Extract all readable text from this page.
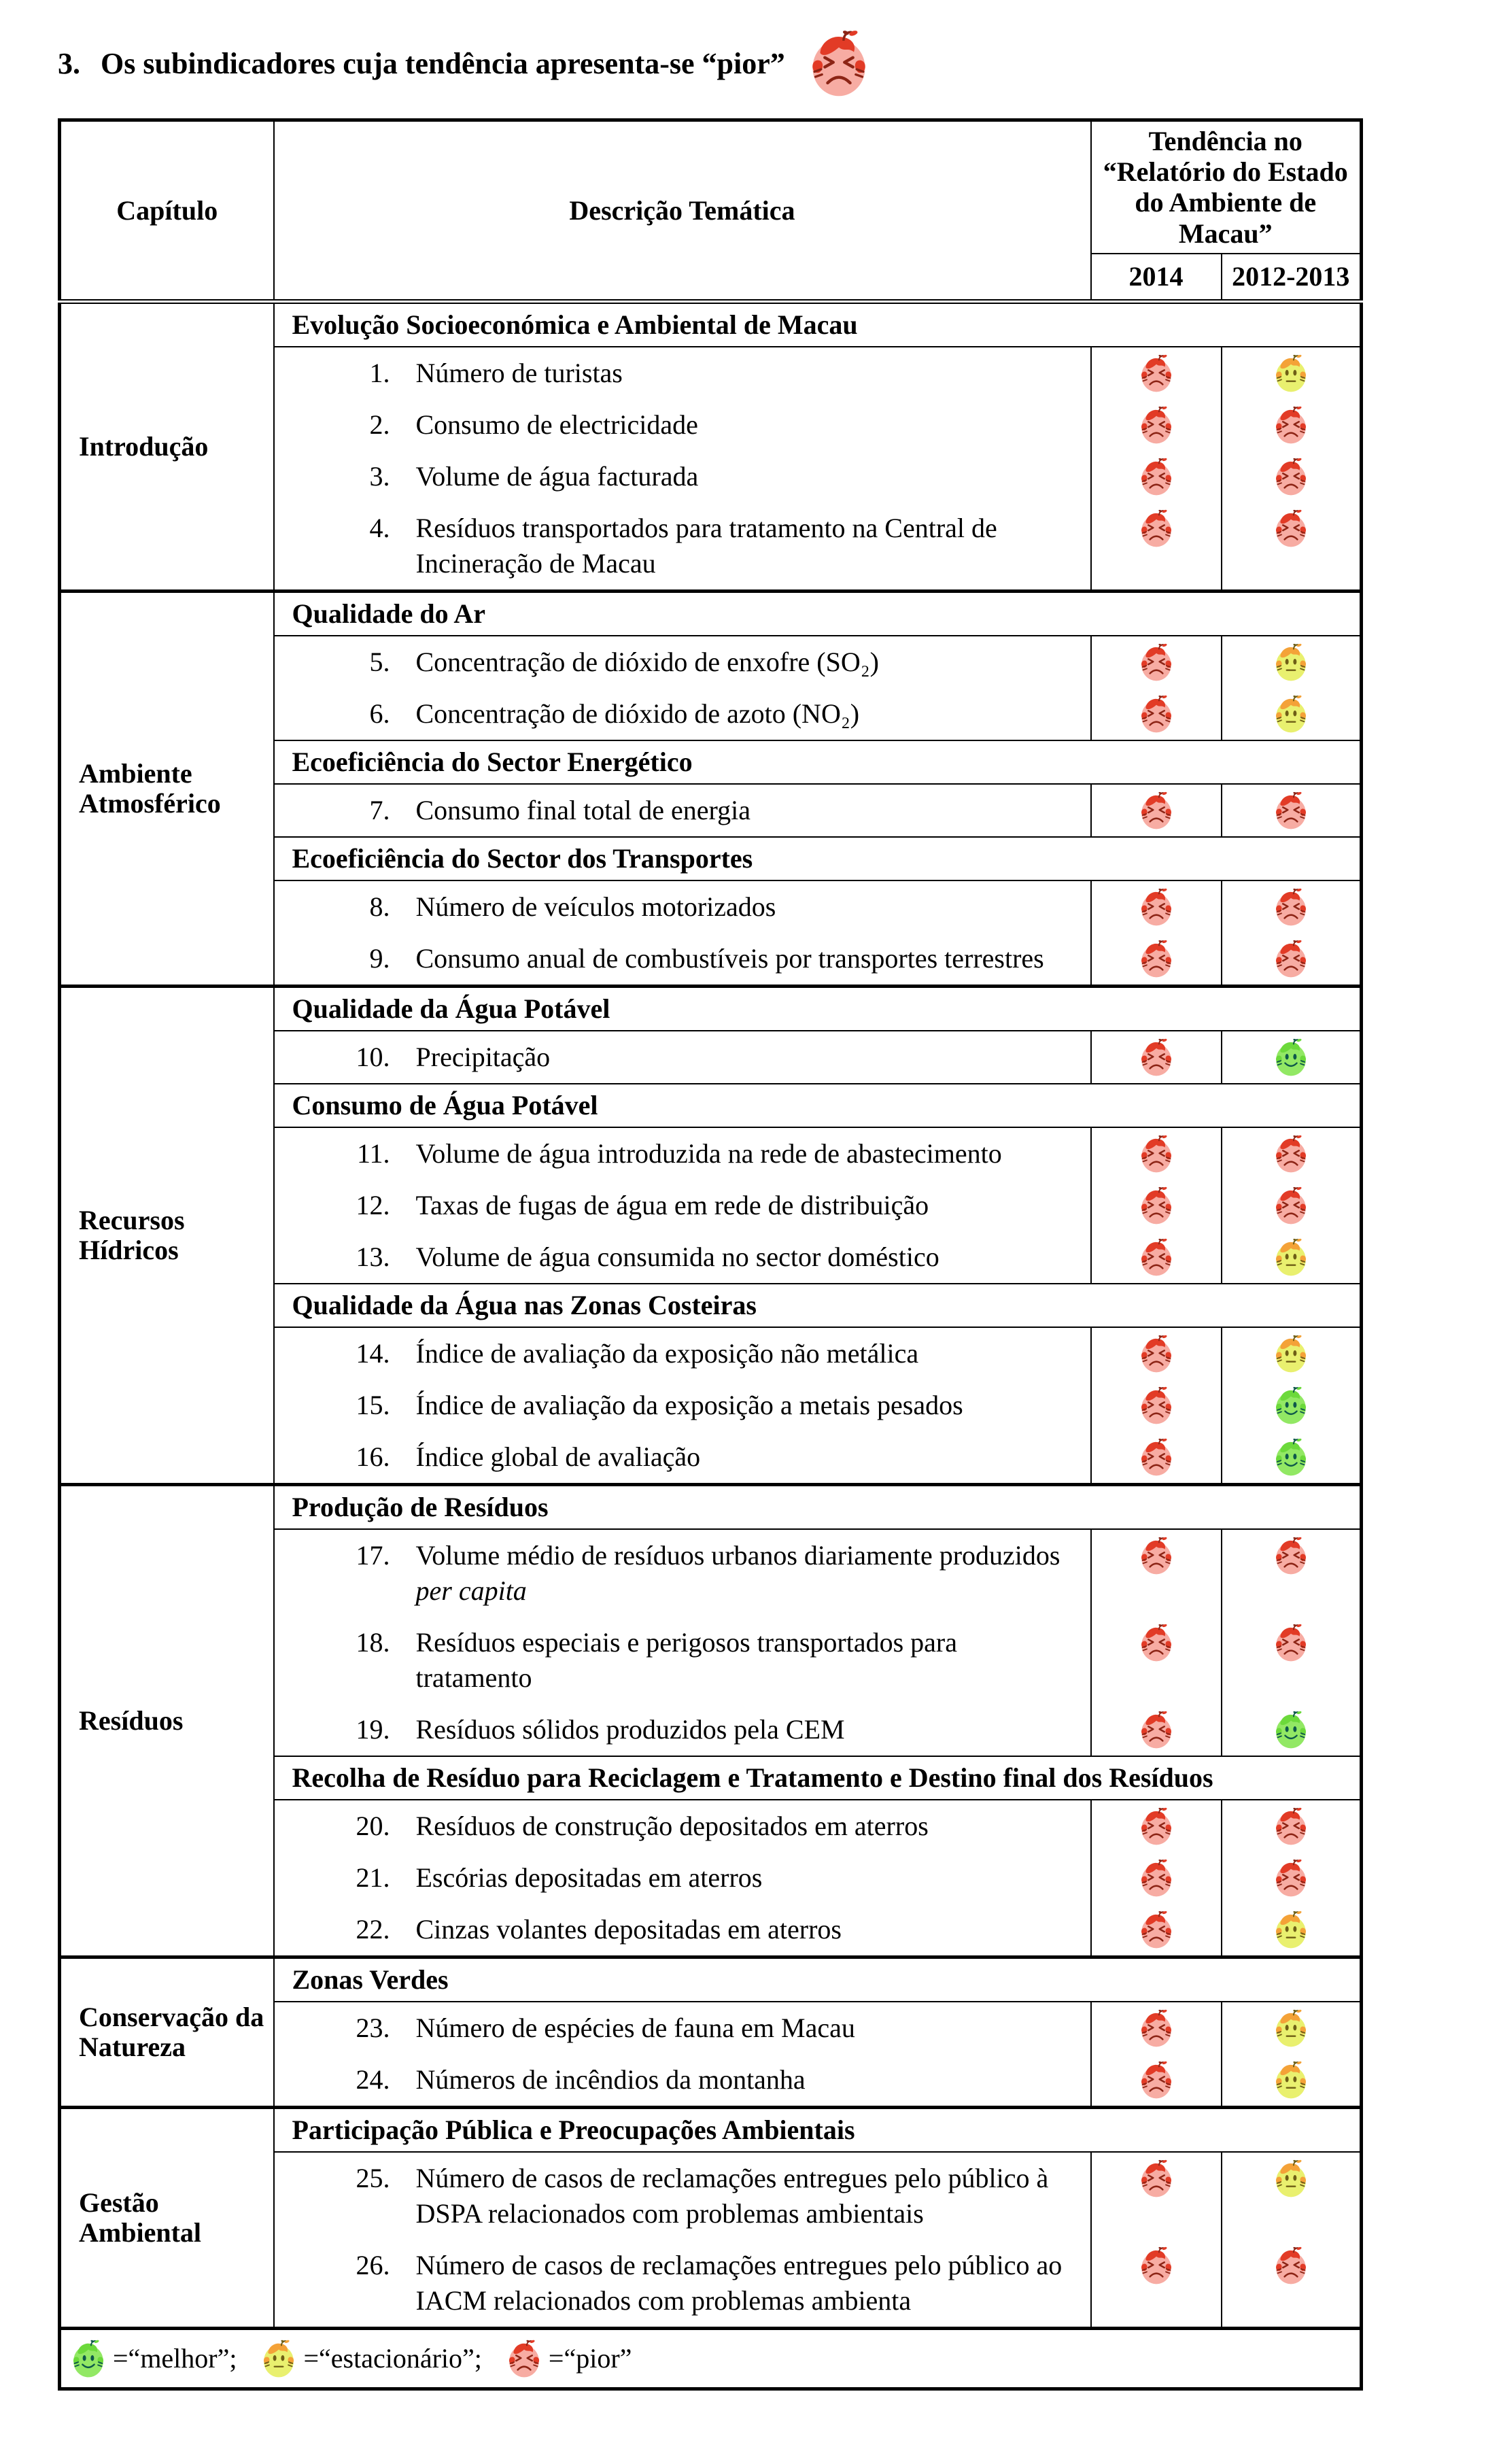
3. Os subindicadores cuja tendência apresenta-se “pior”
Capítulo	Descrição Temática	Tendência no “Relatório do Estado do Ambiente de Macau”	
		2014	2012-2013
Introdução	Evolução Socioeconómica e Ambiental de Macau		

	1. Número de turistas

	2. Consumo de electricidade

	3. Volume de água facturada

	4. Resíduos transportados para tratamento na Central de Incineração de Macau

Ambiente Atmosférico	Qualidade do Ar		

	5. Concentração de dióxido de enxofre (SO₂)

	6. Concentração de dióxido de azoto (NO₂)

	Ecoeficiência do Sector Energético		

	7. Consumo final total de energia

	Ecoeficiência do Sector dos Transportes		

	8. Número de veículos motorizados

	9. Consumo anual de combustíveis por transportes terrestres

Recursos Hídricos	Qualidade da Água Potável		

	10. Precipitação

	Consumo de Água Potável		

	11. Volume de água introduzida na rede de abastecimento

	12. Taxas de fugas de água em rede de distribuição

	13. Volume de água consumida no sector doméstico

	Qualidade da Água nas Zonas Costeiras		

	14. Índice de avaliação da exposição não metálica

	15. Índice de avaliação da exposição a metais pesados

	16. Índice global de avaliação

Resíduos	Produção de Resíduos		

	17. Volume médio de resíduos urbanos diariamente produzidos per capita

	18. Resíduos especiais e perigosos transportados para tratamento

	19. Resíduos sólidos produzidos pela CEM

	Recolha de Resíduo para Reciclagem e Tratamento e Destino final dos Resíduos		

	20. Resíduos de construção depositados em aterros

	21. Escórias depositadas em aterros

	22. Cinzas volantes depositadas em aterros

Conservação da Natureza	Zonas Verdes		

	23. Número de espécies de fauna em Macau

	24. Números de incêndios da montanha

Gestão Ambiental	Participação Pública e Preocupações Ambientais		

	25. Número de casos de reclamações entregues pelo público à DSPA relacionados com problemas ambientais

	26. Número de casos de reclamações entregues pelo público ao IACM relacionados com problemas ambienta

=“melhor”; =“estacionário”; =“pior”			
